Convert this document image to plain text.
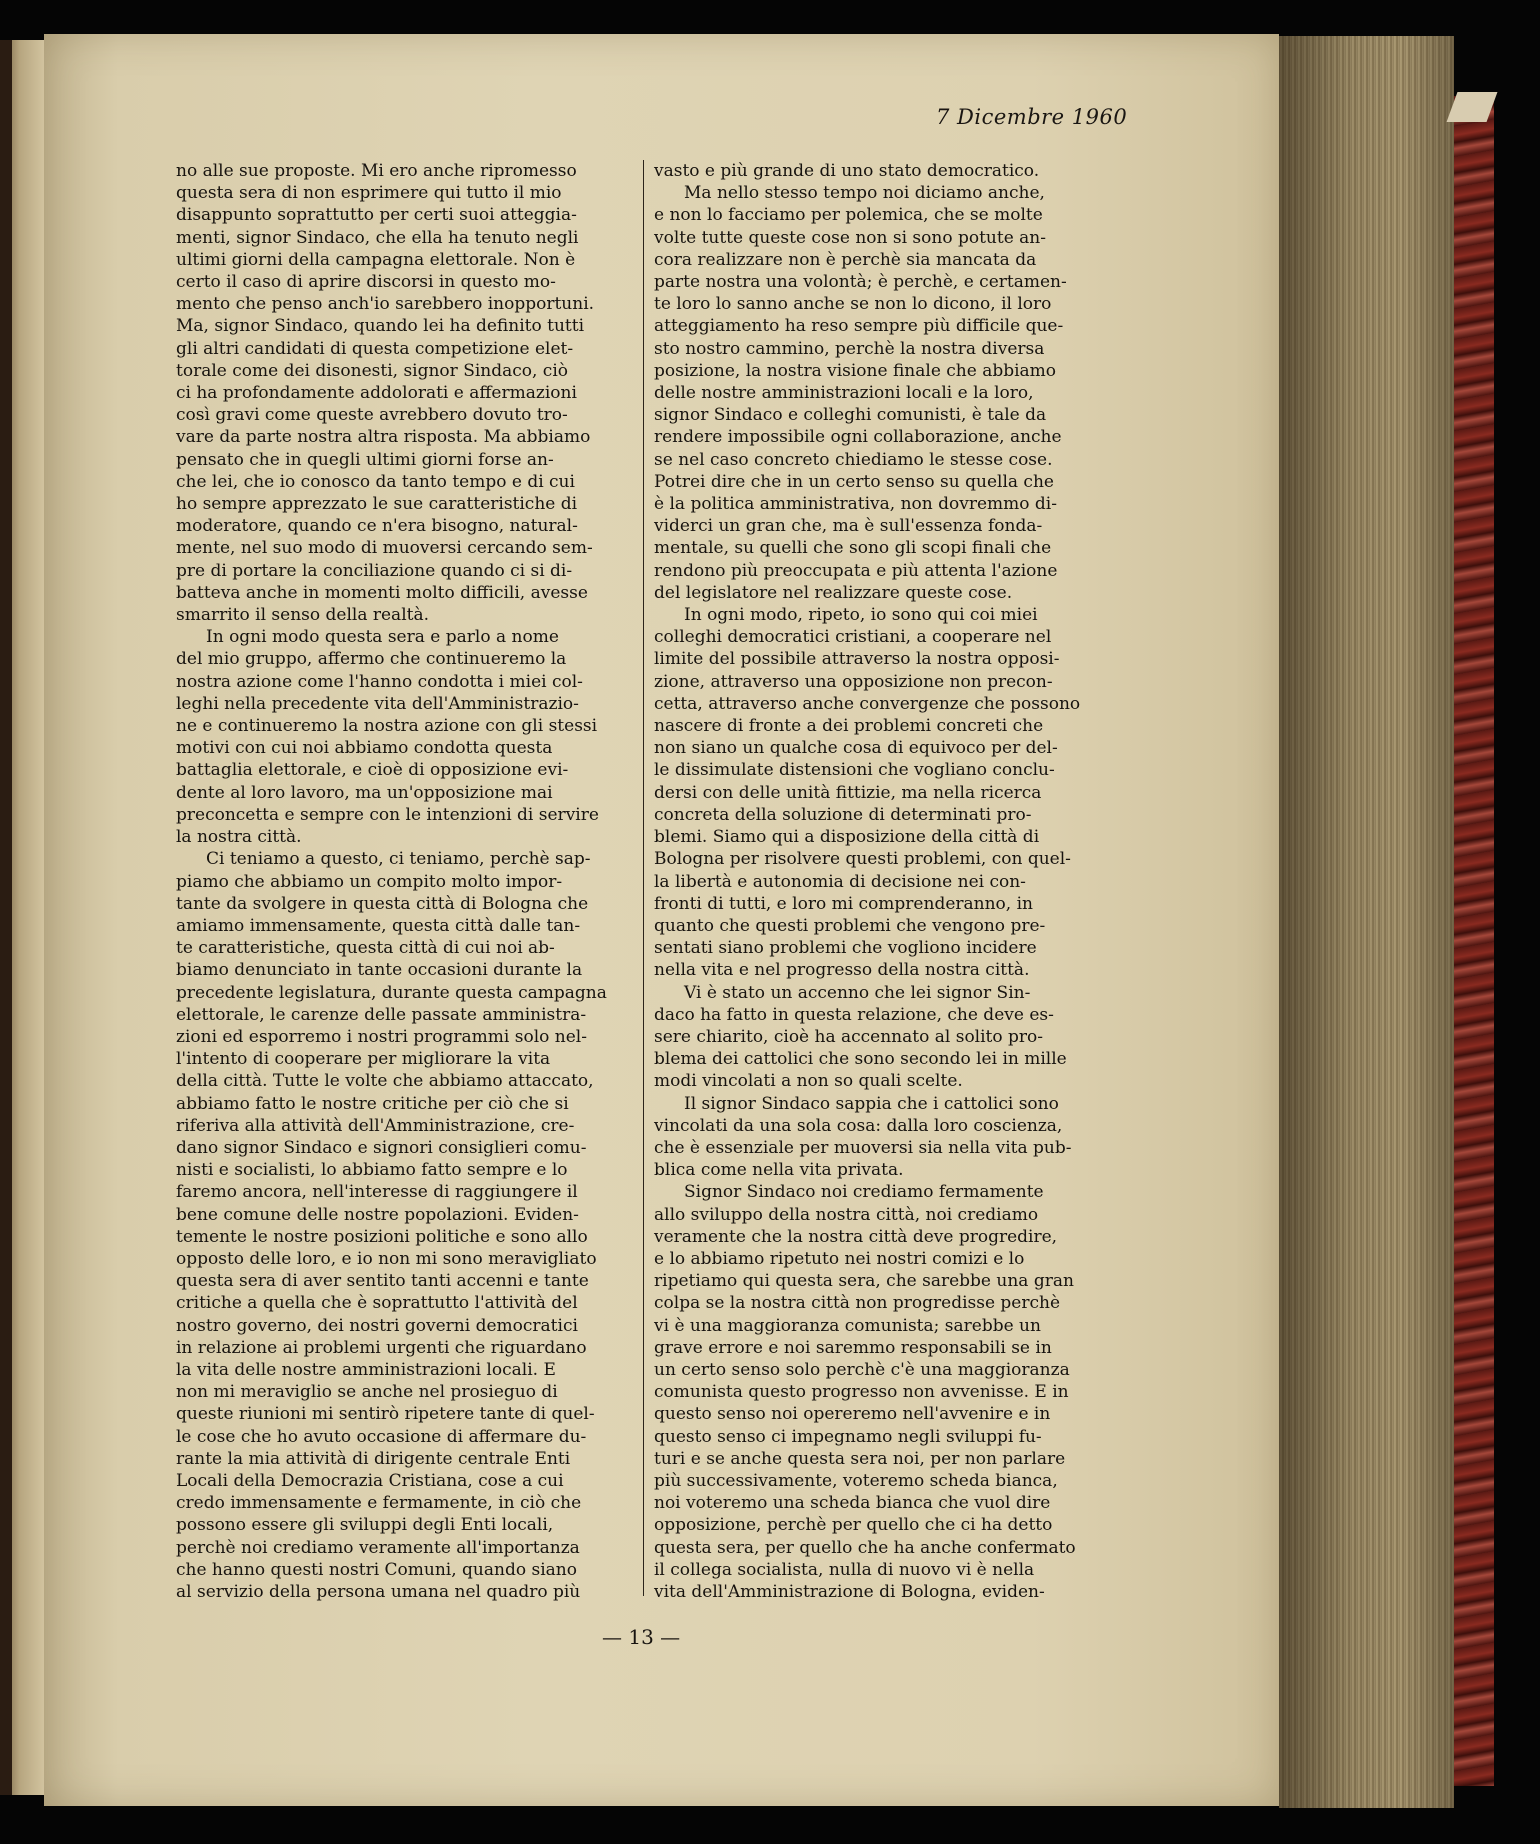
7 Dicembre 1960

no alle sue proposte. Mi ero anche ripromesso

questa sera di non esprimere qui tutto il mio

disappunto soprattutto per certi suoi atteggia-

menti, signor Sindaco, che ella ha tenuto negli

ultimi giorni della campagna elettorale. Non è

certo il caso di aprire discorsi in questo mo-

mento che penso anch'io sarebbero inopportuni.

Ma, signor Sindaco, quando lei ha definito tutti

gli altri candidati di questa competizione elet-

torale come dei disonesti, signor Sindaco, ciò

ci ha profondamente addolorati e affermazioni

così gravi come queste avrebbero dovuto tro-

vare da parte nostra altra risposta. Ma abbiamo

pensato che in quegli ultimi giorni forse an-

che lei, che io conosco da tanto tempo e di cui

ho sempre apprezzato le sue caratteristiche di

moderatore, quando ce n'era bisogno, natural-

mente, nel suo modo di muoversi cercando sem-

pre di portare la conciliazione quando ci si di-

batteva anche in momenti molto difficili, avesse

smarrito il senso della realtà.

In ogni modo questa sera e parlo a nome

del mio gruppo, affermo che continueremo la

nostra azione come l'hanno condotta i miei col-

leghi nella precedente vita dell'Amministrazio-

ne e continueremo la nostra azione con gli stessi

motivi con cui noi abbiamo condotta questa

battaglia elettorale, e cioè di opposizione evi-

dente al loro lavoro, ma un'opposizione mai

preconcetta e sempre con le intenzioni di servire

la nostra città.

Ci teniamo a questo, ci teniamo, perchè sap-

piamo che abbiamo un compito molto impor-

tante da svolgere in questa città di Bologna che

amiamo immensamente, questa città dalle tan-

te caratteristiche, questa città di cui noi ab-

biamo denunciato in tante occasioni durante la

precedente legislatura, durante questa campagna

elettorale, le carenze delle passate amministra-

zioni ed esporremo i nostri programmi solo nel-

l'intento di cooperare per migliorare la vita

della città. Tutte le volte che abbiamo attaccato,

abbiamo fatto le nostre critiche per ciò che si

riferiva alla attività dell'Amministrazione, cre-

dano signor Sindaco e signori consiglieri comu-

nisti e socialisti, lo abbiamo fatto sempre e lo

faremo ancora, nell'interesse di raggiungere il

bene comune delle nostre popolazioni. Eviden-

temente le nostre posizioni politiche e sono allo

opposto delle loro, e io non mi sono meravigliato

questa sera di aver sentito tanti accenni e tante

critiche a quella che è soprattutto l'attività del

nostro governo, dei nostri governi democratici

in relazione ai problemi urgenti che riguardano

la vita delle nostre amministrazioni locali. E

non mi meraviglio se anche nel prosieguo di

queste riunioni mi sentirò ripetere tante di quel-

le cose che ho avuto occasione di affermare du-

rante la mia attività di dirigente centrale Enti

Locali della Democrazia Cristiana, cose a cui

credo immensamente e fermamente, in ciò che

possono essere gli sviluppi degli Enti locali,

perchè noi crediamo veramente all'importanza

che hanno questi nostri Comuni, quando siano

al servizio della persona umana nel quadro più

vasto e più grande di uno stato democratico.

Ma nello stesso tempo noi diciamo anche,

e non lo facciamo per polemica, che se molte

volte tutte queste cose non si sono potute an-

cora realizzare non è perchè sia mancata da

parte nostra una volontà; è perchè, e certamen-

te loro lo sanno anche se non lo dicono, il loro

atteggiamento ha reso sempre più difficile que-

sto nostro cammino, perchè la nostra diversa

posizione, la nostra visione finale che abbiamo

delle nostre amministrazioni locali e la loro,

signor Sindaco e colleghi comunisti, è tale da

rendere impossibile ogni collaborazione, anche

se nel caso concreto chiediamo le stesse cose.

Potrei dire che in un certo senso su quella che

è la politica amministrativa, non dovremmo di-

viderci un gran che, ma è sull'essenza fonda-

mentale, su quelli che sono gli scopi finali che

rendono più preoccupata e più attenta l'azione

del legislatore nel realizzare queste cose.

In ogni modo, ripeto, io sono qui coi miei

colleghi democratici cristiani, a cooperare nel

limite del possibile attraverso la nostra opposi-

zione, attraverso una opposizione non precon-

cetta, attraverso anche convergenze che possono

nascere di fronte a dei problemi concreti che

non siano un qualche cosa di equivoco per del-

le dissimulate distensioni che vogliano conclu-

dersi con delle unità fittizie, ma nella ricerca

concreta della soluzione di determinati pro-

blemi. Siamo qui a disposizione della città di

Bologna per risolvere questi problemi, con quel-

la libertà e autonomia di decisione nei con-

fronti di tutti, e loro mi comprenderanno, in

quanto che questi problemi che vengono pre-

sentati siano problemi che vogliono incidere

nella vita e nel progresso della nostra città.

Vi è stato un accenno che lei signor Sin-

daco ha fatto in questa relazione, che deve es-

sere chiarito, cioè ha accennato al solito pro-

blema dei cattolici che sono secondo lei in mille

modi vincolati a non so quali scelte.

Il signor Sindaco sappia che i cattolici sono

vincolati da una sola cosa: dalla loro coscienza,

che è essenziale per muoversi sia nella vita pub-

blica come nella vita privata.

Signor Sindaco noi crediamo fermamente

allo sviluppo della nostra città, noi crediamo

veramente che la nostra città deve progredire,

e lo abbiamo ripetuto nei nostri comizi e lo

ripetiamo qui questa sera, che sarebbe una gran

colpa se la nostra città non progredisse perchè

vi è una maggioranza comunista; sarebbe un

grave errore e noi saremmo responsabili se in

un certo senso solo perchè c'è una maggioranza

comunista questo progresso non avvenisse. E in

questo senso noi opereremo nell'avvenire e in

questo senso ci impegnamo negli sviluppi fu-

turi e se anche questa sera noi, per non parlare

più successivamente, voteremo scheda bianca,

noi voteremo una scheda bianca che vuol dire

opposizione, perchè per quello che ci ha detto

questa sera, per quello che ha anche confermato

il collega socialista, nulla di nuovo vi è nella

vita dell'Amministrazione di Bologna, eviden-

— 13 —
